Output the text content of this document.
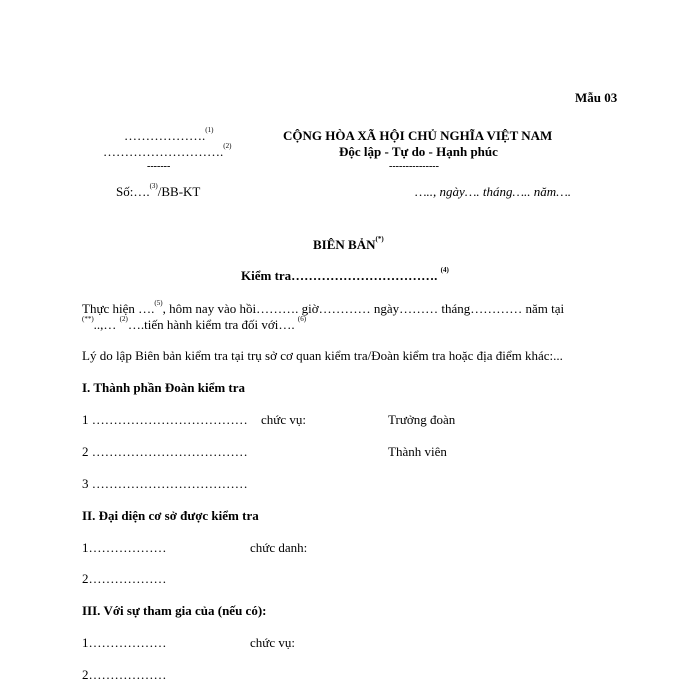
Mẫu 03
……………….$^{(1)}$
……………………….$^{(2)}$
-------
Số:….$^{(3)}$/BB-KT
CỘNG HÒA XÃ HỘI CHỦ NGHĨA VIỆT NAM
Độc lập - Tự do - Hạnh phúc
---------------
….., ngày…. tháng….. năm….
BIÊN BẢN(*)
Kiểm tra……………………………. $^{(4)}$
Thực hiện ….$^{(5)}$, hôm nay vào hồi………. giờ………… ngày……… tháng………… năm tại
(**)..,… $^{(2)}$….tiến hành kiểm tra đối với…. $^{(6)}$
Lý do lập Biên bản kiểm tra tại trụ sở cơ quan kiểm tra/Đoàn kiểm tra hoặc địa điểm khác:...
I. Thành phần Đoàn kiểm tra
1 ……………………………… chức vụ:	Trưởng đoàn
2 ………………………………	Thành viên
3 ………………………………
II. Đại diện cơ sở được kiểm tra
1………………	chức danh:
2………………
III. Với sự tham gia của (nếu có):
1………………	chức vụ:
2………………
